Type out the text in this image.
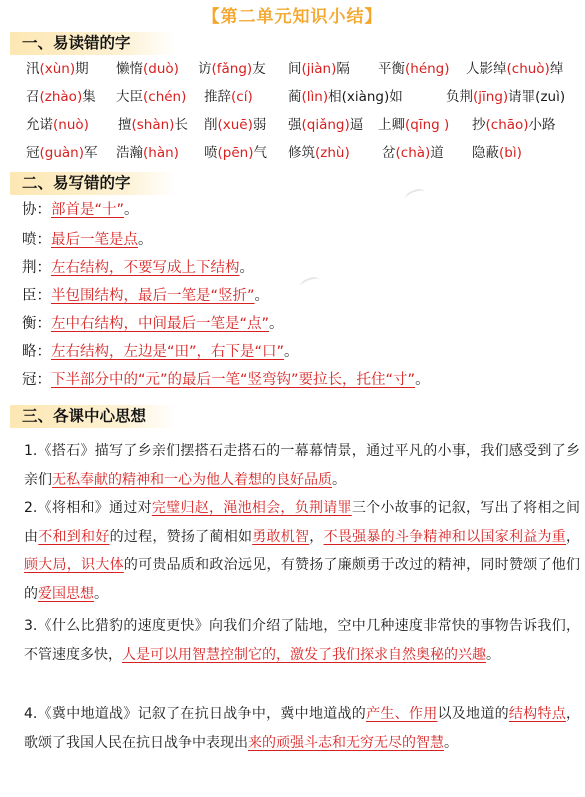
【第二单元知识小结】
一、易读错的字
汛(xùn)期 懒惰(duò) 访(fǎng)友 间(jiàn)隔 平衡(héng) 人影绰(chuò)绰
召(zhào)集 大臣(chén) 推辞(cí)	蔺(lìn)相(xiàng)如	负荆(jīng)请罪(zuì)
允诺(nuò) 擅(shàn)长 削(xuē)弱 强(qiǎng)逼 上卿(qīng ) 抄(chāo)小路
冠(guàn)军 浩瀚(hàn) 喷(pēn)气 修筑(zhù) 岔(chà)道 隐蔽(bì)
二、易写错的字
协：部首是“十”。
喷：最后一笔是点。
荆：左右结构，不要写成上下结构。
臣：半包围结构，最后一笔是“竖折”。
衡：左中右结构，中间最后一笔是“点”。
略：左右结构，左边是“田”，右下是“口”。
冠：下半部分中的“元”的最后一笔“竖弯钩”要拉长，托住“寸”。
三、各课中心思想
1.《搭石》描写了乡亲们摆搭石走搭石的一幕幕情景，通过平凡的小事，我们感受到了乡亲们无私奉献的精神和一心为他人着想的良好品质。
2.《将相和》通过对完璧归赵，渑池相会，负荆请罪三个小故事的记叙，写出了将相之间由不和到和好的过程，赞扬了蔺相如勇敢机智，不畏强暴的斗争精神和以国家利益为重，顾大局，识大体的可贵品质和政治远见，有赞扬了廉颇勇于改过的精神，同时赞颂了他们的爱国思想。
3.《什么比猎豹的速度更快》向我们介绍了陆地，空中几种速度非常快的事物告诉我们，不管速度多快，人是可以用智慧控制它的，激发了我们探求自然奥秘的兴趣。
4.《冀中地道战》记叙了在抗日战争中，冀中地道战的产生、作用以及地道的结构特点，歌颂了我国人民在抗日战争中表现出来的顽强斗志和无穷无尽的智慧。
